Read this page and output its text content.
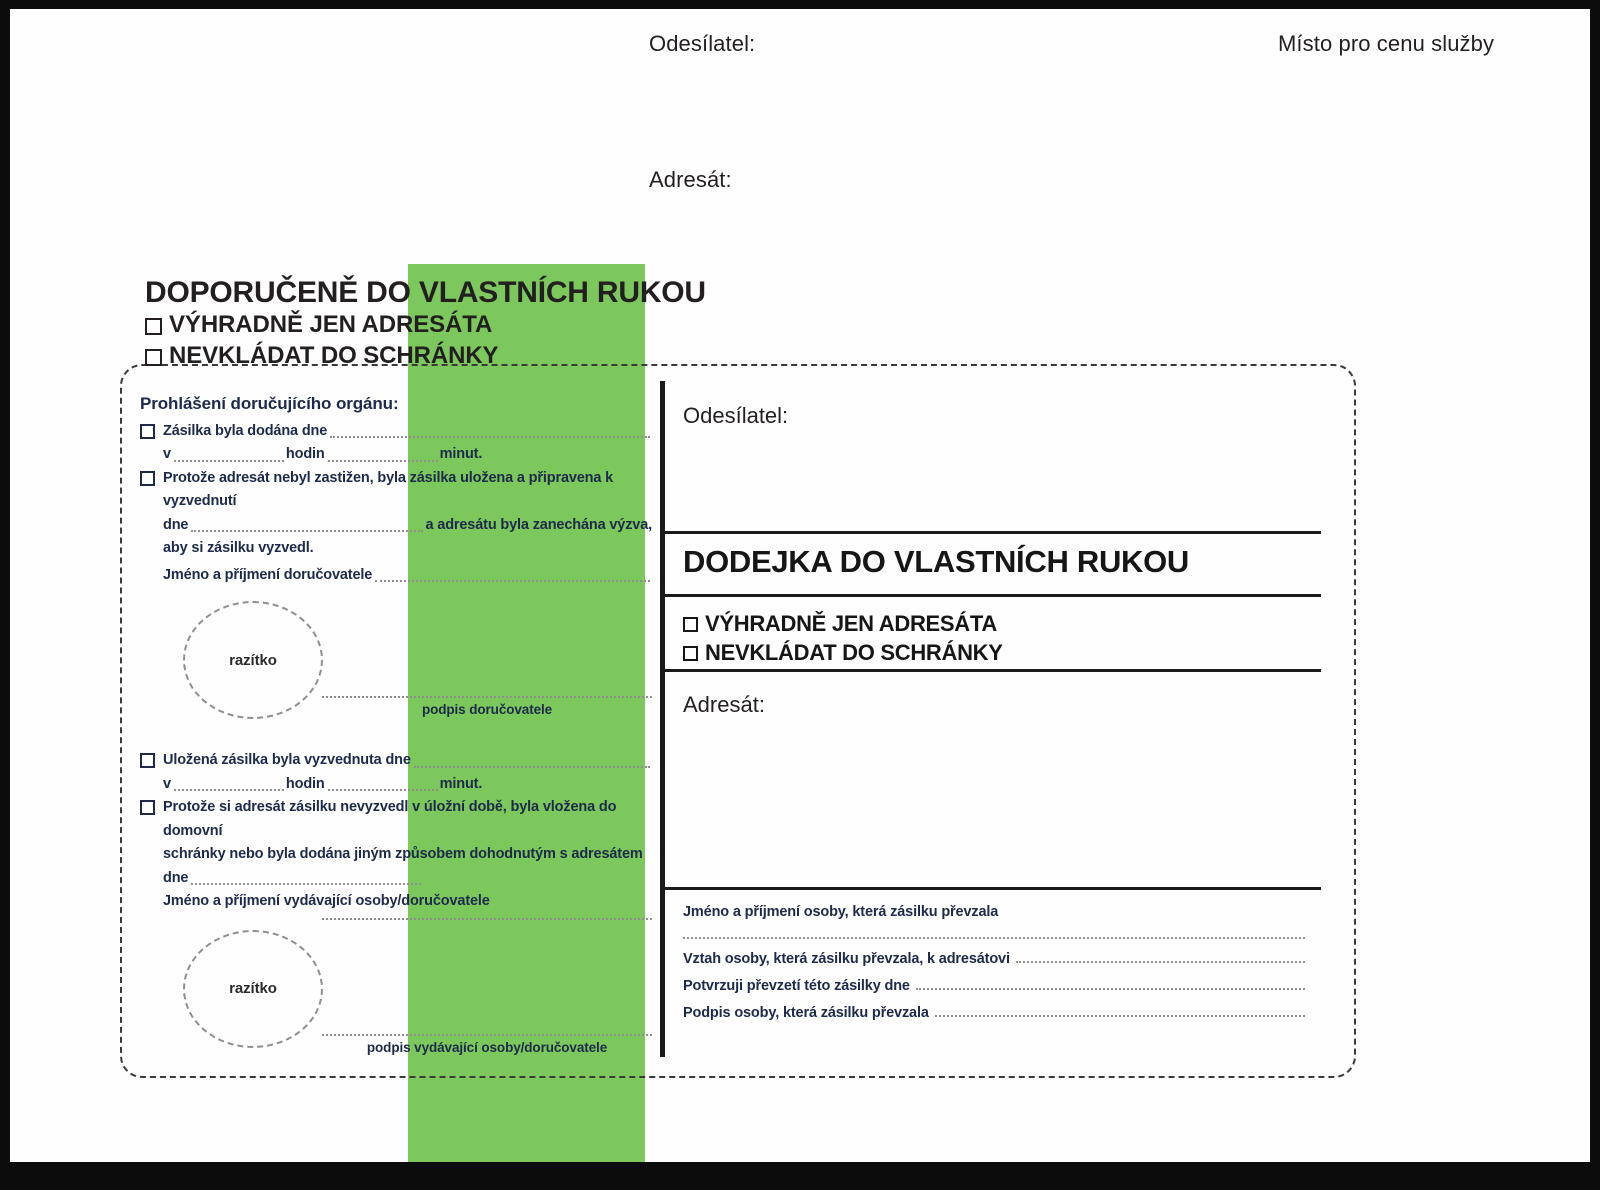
Odesílatel:	Místo pro cenu služby
Adresát:
DOPORUČENĚ DO VLASTNÍCH RUKOU
VÝHRADNĚ JEN ADRESÁTA
NEVKLÁDAT DO SCHRÁNKY
Prohlášení doručujícího orgánu:
Zásilka byla dodána dne
v	hodin	minut.
Protože adresát nebyl zastižen, byla zásilka uložena a připravena k vyzvednutí
dne	a adresátu byla zanechána výzva,
aby si zásilku vyzvedl.
Jméno a příjmení doručovatele
razítko
podpis doručovatele
Uložená zásilka byla vyzvednuta dne
v	hodin	minut.
Protože si adresát zásilku nevyzvedl v úložní době, byla vložena do domovní
schránky nebo byla dodána jiným způsobem dohodnutým s adresátem
dne
Jméno a příjmení vydávající osoby/doručovatele
razítko
podpis vydávající osoby/doručovatele
Odesílatel:
DODEJKA DO VLASTNÍCH RUKOU
VÝHRADNĚ JEN ADRESÁTA
NEVKLÁDAT DO SCHRÁNKY
Adresát:
Jméno a příjmení osoby, která zásilku převzala
Vztah osoby, která zásilku převzala, k adresátovi
Potvrzuji převzetí této zásilky dne
Podpis osoby, která zásilku převzala
